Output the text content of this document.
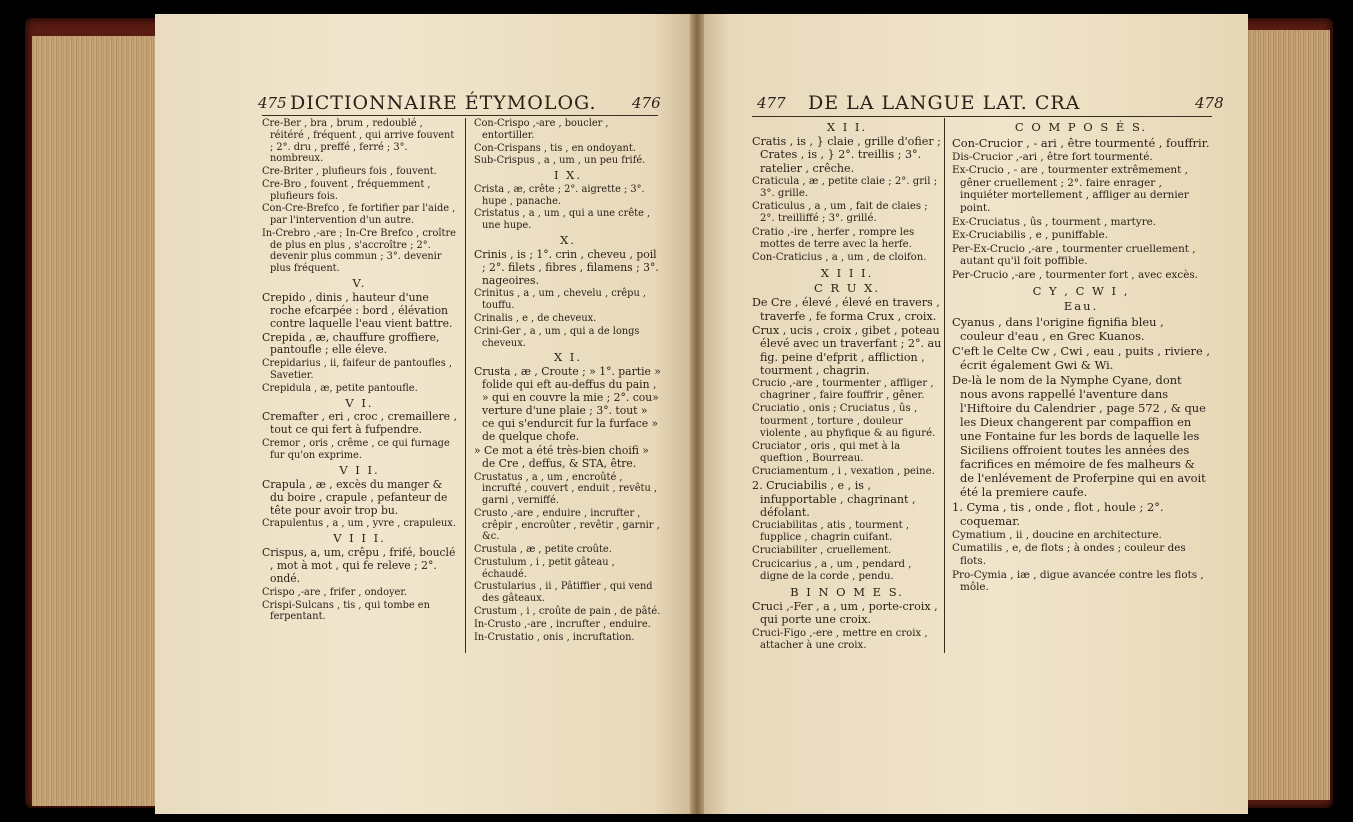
475 DICTIONNAIRE ÉTYMOLOG. 476	477 DE LA LANGUE LAT. CRA	478

Cre-Ber , bra , brum , redoublé , réitéré , fréquent , qui arrive fouvent ; 2°. dru , preffé , ferré ; 3°. nombreux.

Cre-Briter , plufieurs fois , fouvent.

Cre-Bro , fouvent , fréquemment , plufieurs fois.

Con-Cre-Brefco , fe fortifier par l'aide , par l'intervention d'un autre.

In-Crebro ,-are ; In-Cre Brefco , croître de plus en plus , s'accroître ; 2°. devenir plus commun ; 3°. devenir plus fréquent.

V.

Crepido , dinis , hauteur d'une roche efcarpée : bord , élévation contre laquelle l'eau vient battre.

Crepida , æ, chauffure groffiere, pantoufle ; elle éleve.

Crepidarius , ii, faifeur de pantoufles , Savetier.

Crepidula , æ, petite pantoufle.

V I.

Cremafter , eri , croc , cremaillere , tout ce qui fert à fufpendre.

Cremor , oris , crême , ce qui furnage fur qu'on exprime.

V I I.

Crapula , æ , excès du manger & du boire , crapule , pefanteur de tête pour avoir trop bu.

Crapulentus , a , um , yvre , crapuleux.

V I I I.

Crispus, a, um, crêpu , frifé, bouclé , mot à mot , qui fe releve ; 2°. ondé.

Crispo ,-are , frifer , ondoyer.

Crispi-Sulcans , tis , qui tombe en ferpentant.

Con-Crispo ,-are , boucler , entortiller.

Con-Crispans , tis , en ondoyant.

Sub-Crispus , a , um , un peu frifé.

I X.

Crista , æ, crête ; 2°. aigrette ; 3°. hupe , panache.

Cristatus , a , um , qui a une crête , une hupe.

X.

Crinis , is ; 1°. crin , cheveu , poil ; 2°. filets , fibres , filamens ; 3°. nageoires.

Crinitus , a , um , chevelu , crêpu , touffu.

Crinalis , e , de cheveux.

Crini-Ger , a , um , qui a de longs cheveux.

X I.

Crusta , æ , Croute ; » 1°. partie » folide qui eft au-deffus du pain , » qui en couvre la mie ; 2°. cou» verture d'une plaie ; 3°. tout » ce qui s'endurcit fur la furface » de quelque chofe.

» Ce mot a été très-bien choifi » de Cre , deffus, & STA, être.

Crustatus , a , um , encroûté , incrufté , couvert , enduit , revêtu , garni , verniffé.

Crusto ,-are , enduire , incrufter , crêpir , encroûter , revêtir , garnir , &c.

Crustula , æ , petite croûte.

Crustulum , i , petit gâteau , échaudé.

Crustularius , ii , Pâtiffier , qui vend des gâteaux.

Crustum , i , croûte de pain , de pâté.

In-Crusto ,-are , incrufter , enduire.

In-Crustatio , onis , incruftation.

X I I.

Cratis , is , } claie , grille d'ofier ; Crates , is , } 2°. treillis ; 3°. ratelier , crêche.

Craticula , æ , petite claie ; 2°. gril ; 3°. grille.

Craticulus , a , um , fait de claies ; 2°. treilliffé ; 3°. grillé.

Cratio ,-ire , herfer , rompre les mottes de terre avec la herfe.

Con-Craticius , a , um , de cloifon.

X I I I.
C R U X.

De Cre , élevé , élevé en travers , traverfe , fe forma Crux , croix.

Crux , ucis , croix , gibet , poteau élevé avec un traverfant ; 2°. au fig. peine d'efprit , affliction , tourment , chagrin.

Crucio ,-are , tourmenter , affliger , chagriner , faire fouffrir , gêner.

Cruciatio , onis ; Cruciatus , ûs , tourment , torture , douleur violente , au phyfique & au figuré.

Cruciator , oris , qui met à la queftion , Bourreau.

Cruciamentum , i , vexation , peine.

2. Cruciabilis , e , is , infupportable , chagrinant , défolant.

Cruciabilitas , atis , tourment , fupplice , chagrin cuifant.

Cruciabiliter , cruellement.

Crucicarius , a , um , pendard , digne de la corde , pendu.

B I N O M E S.

Cruci ,-Fer , a , um , porte-croix , qui porte une croix.

Cruci-Figo ,-ere , mettre en croix , attacher à une croix.

C O M P O S É S.

Con-Crucior , - ari , être tourmenté , fouffrir.

Dis-Crucior ,-ari , être fort tourmenté.

Ex-Crucio , - are , tourmenter extrêmement , gêner cruellement ; 2°. faire enrager , inquiéter mortellement , affliger au dernier point.

Ex-Cruciatus , ûs , tourment , martyre.

Ex-Cruciabilis , e , puniffable.

Per-Ex-Crucio ,-are , tourmenter cruellement , autant qu'il foit poffible.

Per-Crucio ,-are , tourmenter fort , avec excès.

C Y , C W I ,
Eau.

Cyanus , dans l'origine fignifia bleu , couleur d'eau , en Grec Kuanos.

C'eft le Celte Cw , Cwi , eau , puits , riviere , écrit également Gwi & Wi.

De-là le nom de la Nymphe Cyane, dont nous avons rappellé l'aventure dans l'Hiftoire du Calendrier , page 572 , & que les Dieux changerent par compaffion en une Fontaine fur les bords de laquelle les Siciliens offroient toutes les années des facrifices en mémoire de fes malheurs & de l'enlévement de Proferpine qui en avoit été la premiere caufe.

1. Cyma , tis , onde , flot , houle ; 2°. coquemar.

Cymatium , ii , doucine en architecture.

Cumatilis , e, de flots ; à ondes ; couleur des flots.

Pro-Cymia , iæ , digue avancée contre les flots , môle.
